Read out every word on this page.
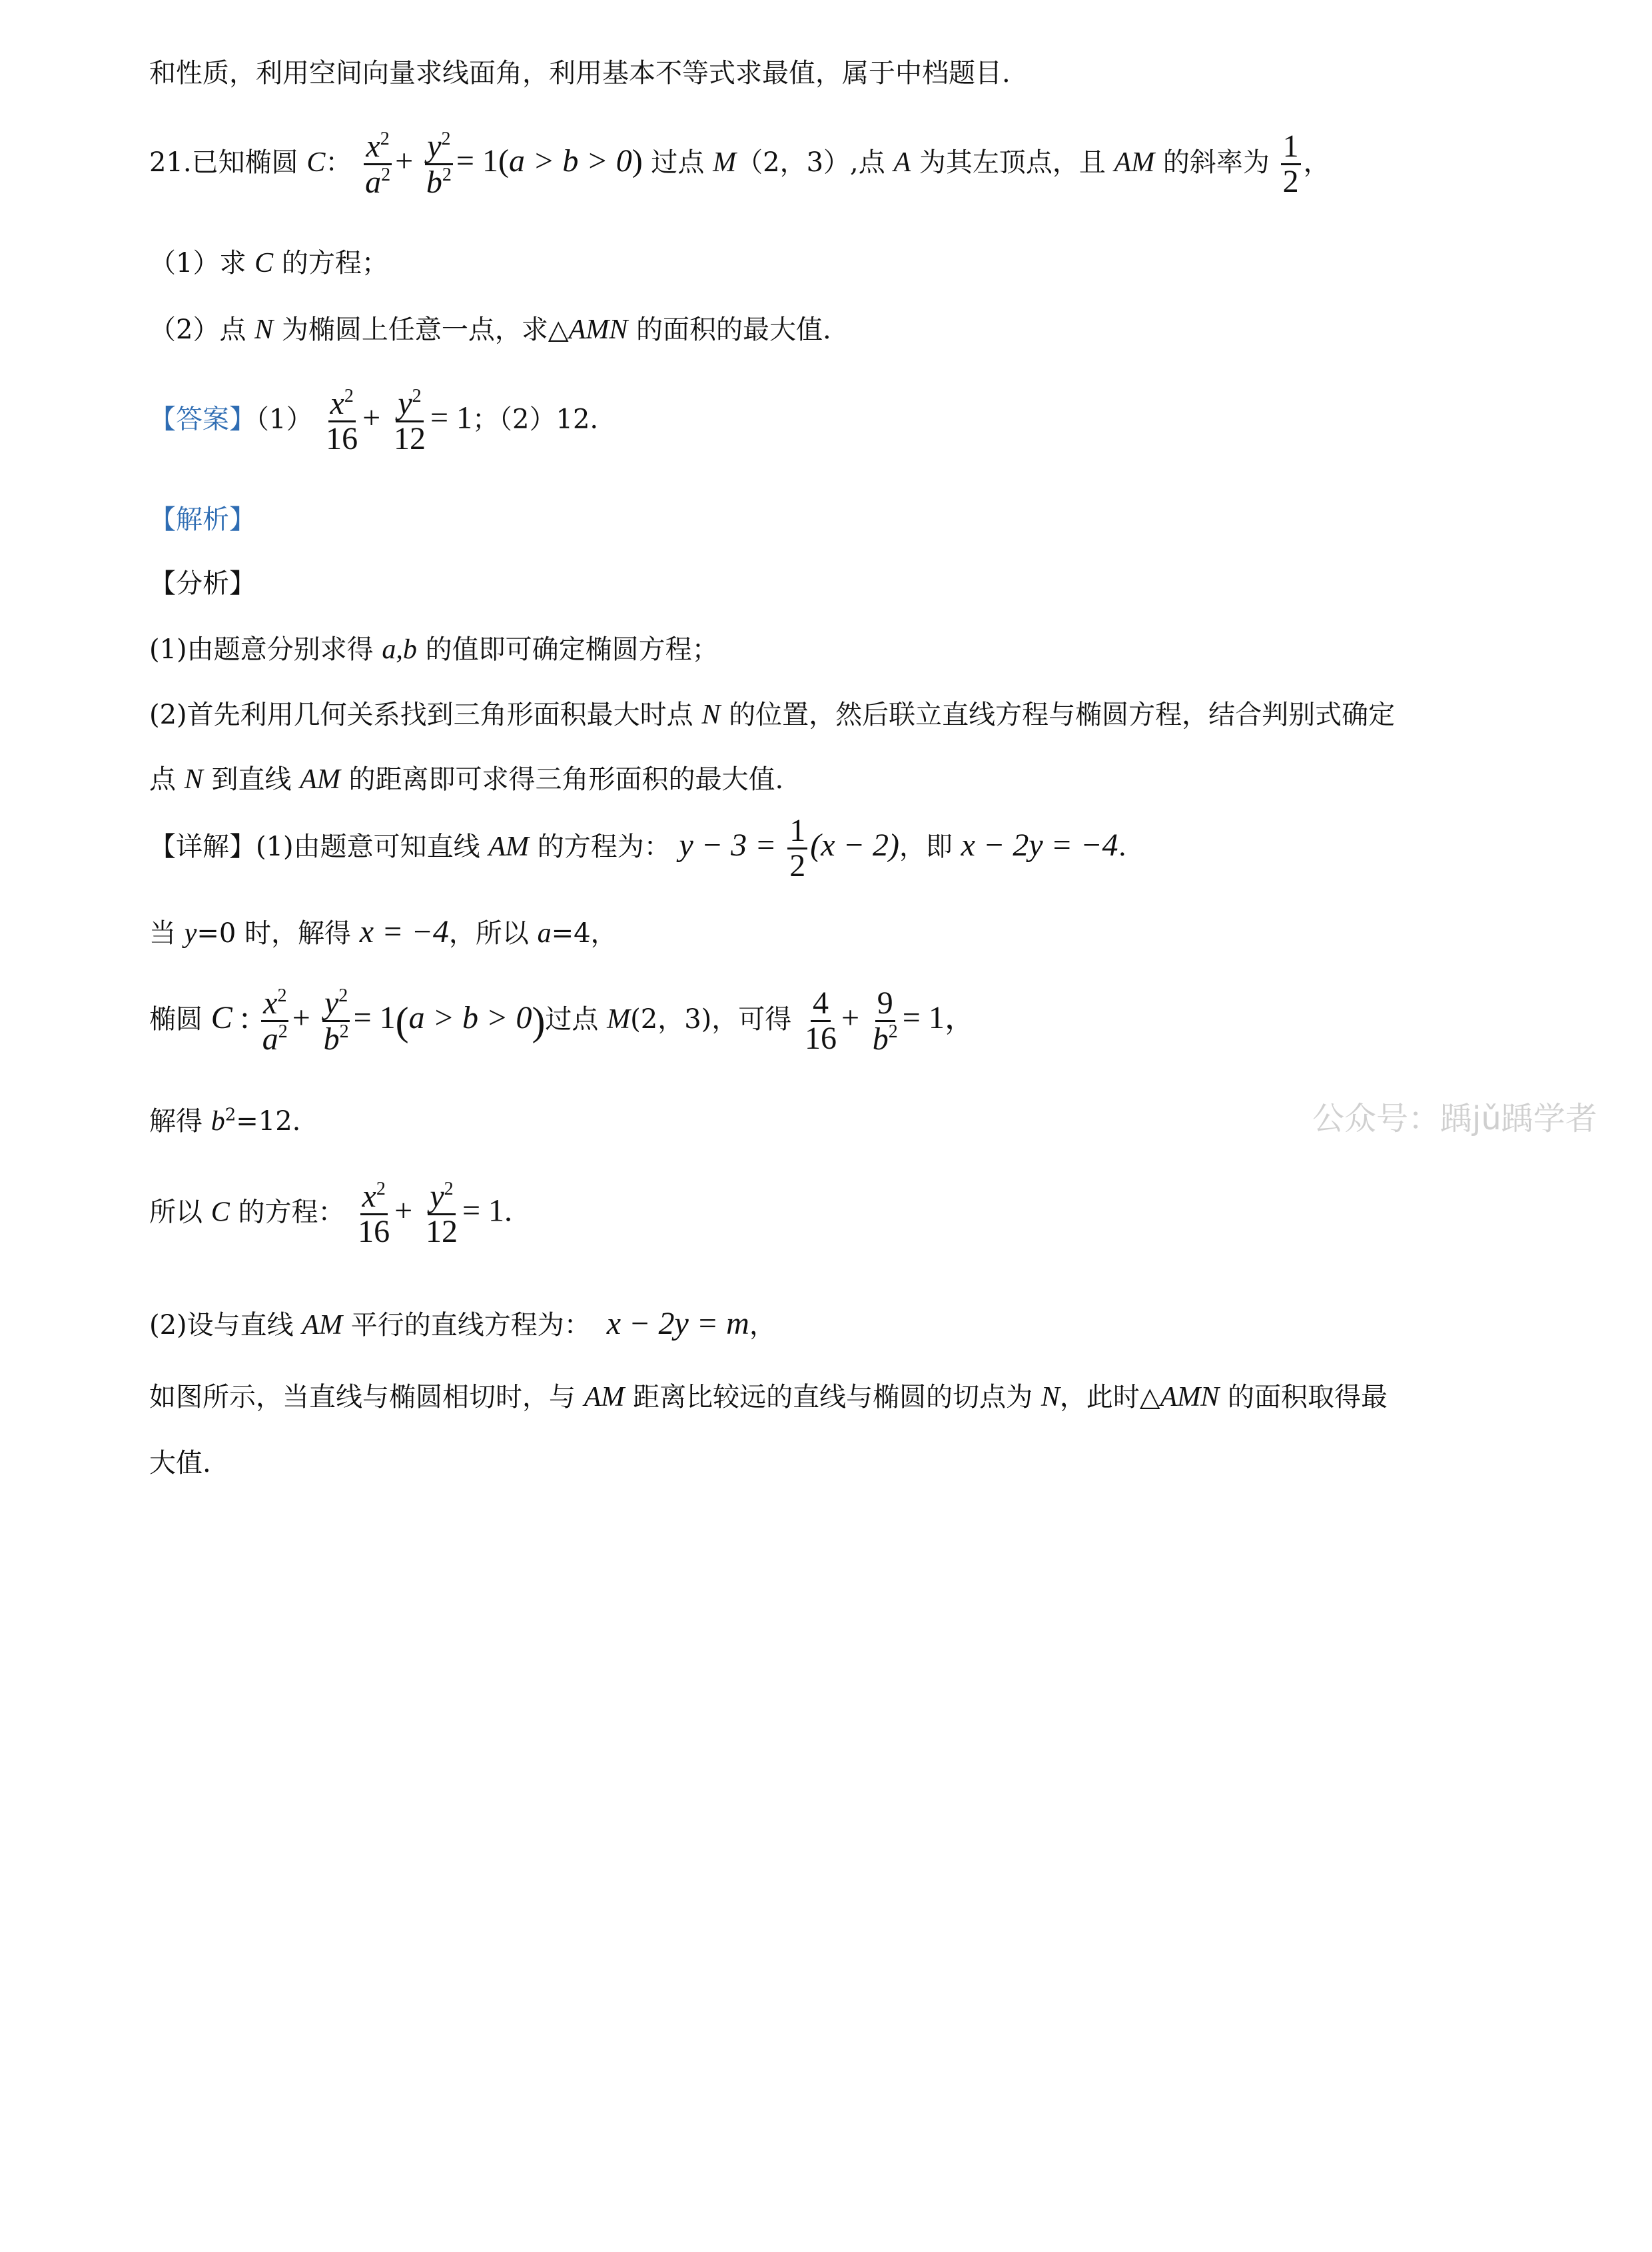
和性质，利用空间向量求线面角，利用基本不等式求最值，属于中档题目.
21.已知椭圆 C： $\frac{x^2}{a^2} + \frac{y^2}{b^2} = 1(a > b > 0)$ 过点 M（2，3）,点 A 为其左顶点，且 AM 的斜率为 $\frac{1}{2}$ ，
（1）求 C 的方程；
（2）点 N 为椭圆上任意一点，求△AMN 的面积的最大值.
【答案】$(1) \frac{x^2}{16} + \frac{y^2}{12} = 1$；（2）12.
【解析】
【分析】
(1)由题意分别求得 a,b 的值即可确定椭圆方程；
(2)首先利用几何关系找到三角形面积最大时点 N 的位置，然后联立直线方程与椭圆方程，结合判别式确定
点 N 到直线 AM 的距离即可求得三角形面积的最大值.
【详解】(1)由题意可知直线 AM 的方程为： $y - 3 = \frac{1}{2} (x - 2)$，即 x − 2y = −4.
当 y=0 时，解得 x = −4，所以 a=4，
椭圆 C : $\frac{x^2}{a^2} + \frac{y^2}{b^2} = 1(a > b > 0)$过点 M(2，3)，可得 $\frac{4}{16} + \frac{9}{b^2} = 1$，
解得 $b^2=12$.
所以 C 的方程： $\frac{x^2}{16} + \frac{y^2}{12} = 1$.
(2)设与直线 AM 平行的直线方程为： x − 2y = m，
如图所示，当直线与椭圆相切时，与 AM 距离比较远的直线与椭圆的切点为 N，此时△AMN 的面积取得最
大值.
公众号：踽jǔ踽学者
